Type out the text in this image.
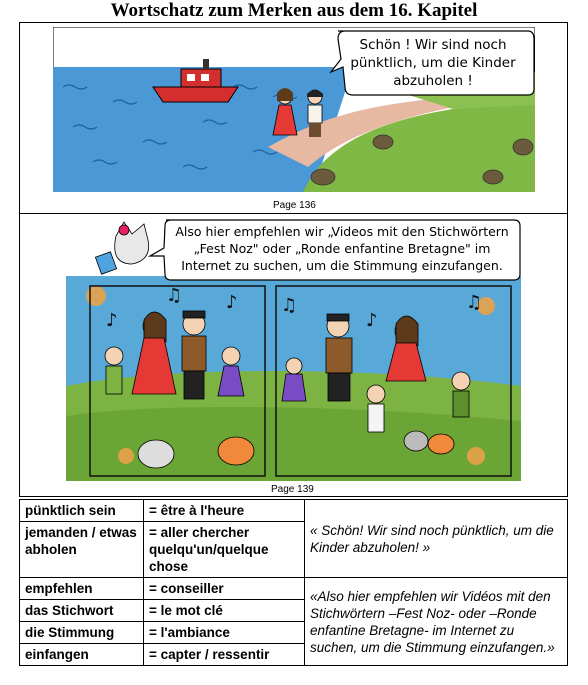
Wortschatz zum Merken aus dem 16. Kapitel
Schön ! Wir sind noch
pünktlich, um die Kinder
abzuholen !
Page 136
♫ ♪ ♫	♫
♪	♪
Also hier empfehlen wir „Videos mit den Stichwörtern
„Fest Noz" oder „Ronde enfantine Bretagne" im
Internet zu suchen, um die Stimmung einzufangen.
Page 139
pünktlich sein	= être à l'heure	« Schön! Wir sind noch pünktlich, um die Kinder abzuholen! »
jemanden / etwas abholen	= aller chercher quelqu'un/quelque chose	
empfehlen	= conseiller	«Also hier empfehlen wir Vidéos mit den Stichwörtern –Fest Noz- oder –Ronde enfantine Bretagne- im Internet zu suchen, um die Stimmung einzufangen.»
das Stichwort	= le mot clé	
die Stimmung	= l'ambiance	
einfangen	= capter / ressentir	
